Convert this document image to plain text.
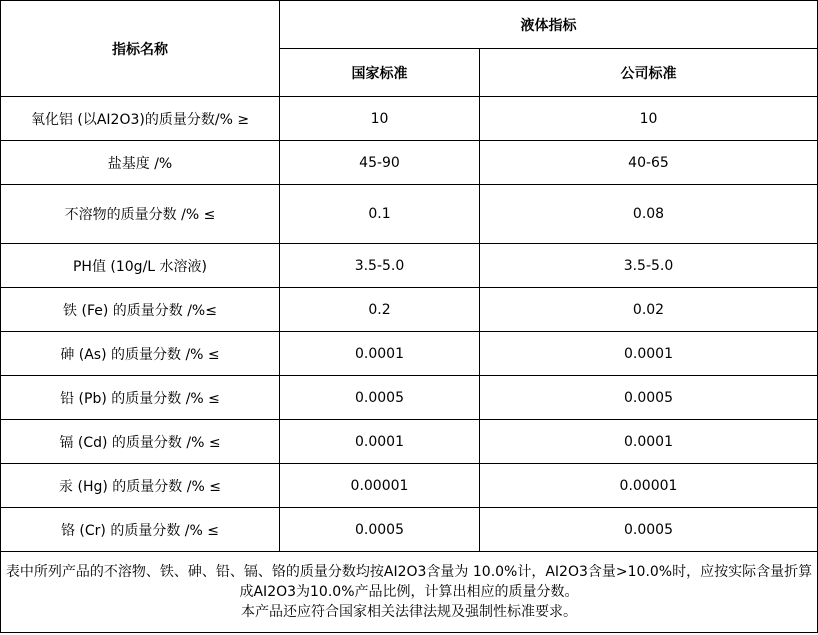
指标名称	液体指标	
	国家标准	公司标准
氧化铝 (以AI2O3)的质量分数/% ≥	10	10
盐基度 /%	45-90	40-65
不溶物的质量分数 /% ≤	0.1	0.08
PH值 (10g/L 水溶液)	3.5-5.0	3.5-5.0
铁 (Fe) 的质量分数 /%≤	0.2	0.02
砷 (As) 的质量分数 /% ≤	0.0001	0.0001
铅 (Pb) 的质量分数 /% ≤	0.0005	0.0005
镉 (Cd) 的质量分数 /% ≤	0.0001	0.0001
汞 (Hg) 的质量分数 /% ≤	0.00001	0.00001
铬 (Cr) 的质量分数 /% ≤	0.0005	0.0005

表中所列产品的不溶物、铁、砷、铅、镉、铬的质量分数均按AI2O3含量为 10.0%计，AI2O3含量>10.0%时，应按实际含量折算成AI2O3为10.0%产品比例，计算出相应的质量分数。
本产品还应符合国家相关法律法规及强制性标准要求。		
